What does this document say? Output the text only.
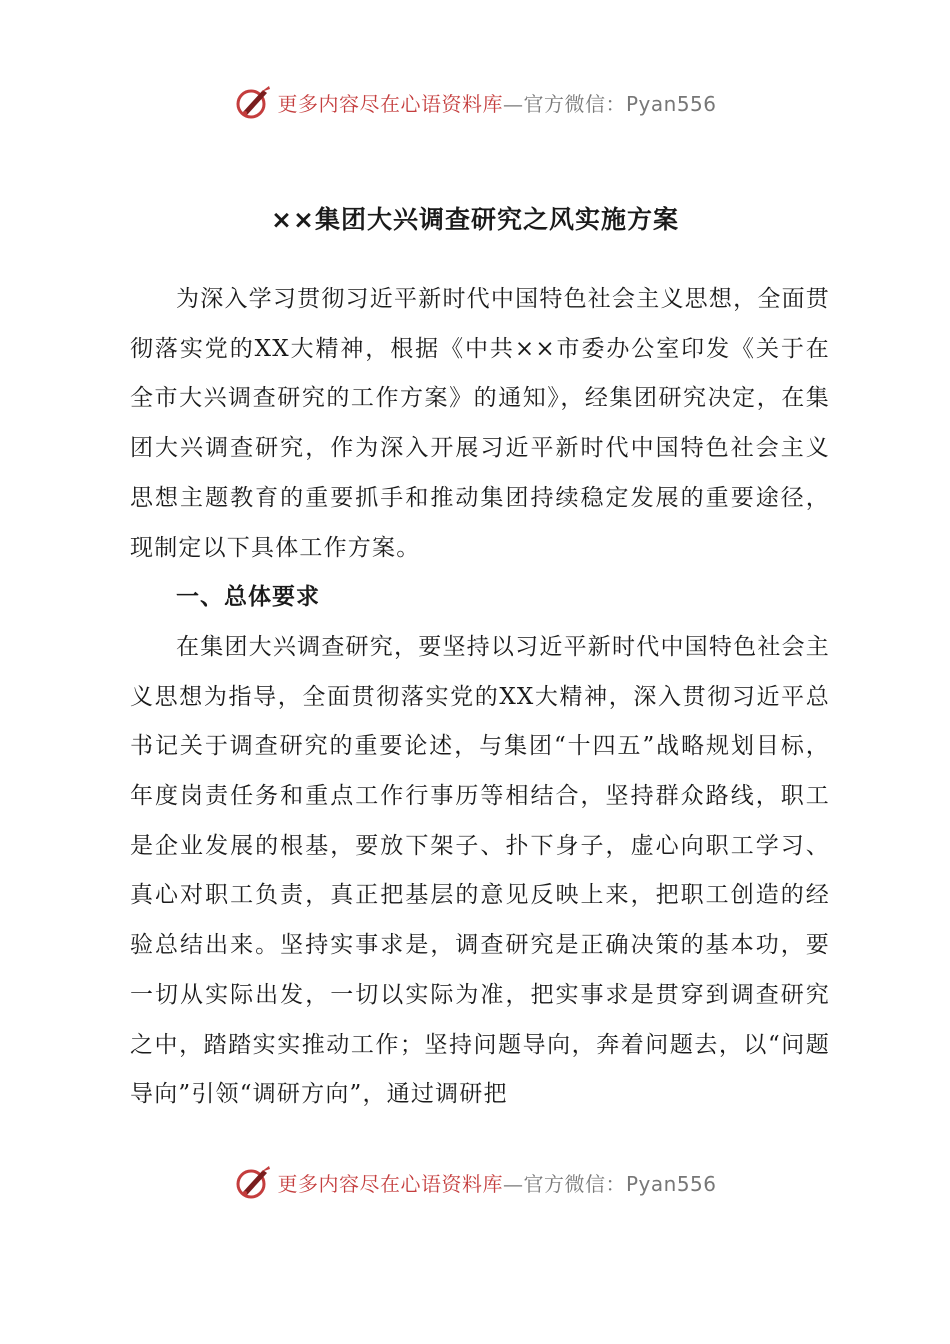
更多内容尽在心语资料库—官方微信：Pyan556
××集团大兴调查研究之风实施方案

为深入学习贯彻习近平新时代中国特色社会主义思想，全面贯彻落实党的XX大精神，根据《中共××市委办公室印发《关于在全市大兴调查研究的工作方案》的通知》，经集团研究决定，在集团大兴调查研究，作为深入开展习近平新时代中国特色社会主义思想主题教育的重要抓手和推动集团持续稳定发展的重要途径，现制定以下具体工作方案。

一、总体要求

在集团大兴调查研究，要坚持以习近平新时代中国特色社会主义思想为指导，全面贯彻落实党的XX大精神，深入贯彻习近平总书记关于调查研究的重要论述，与集团“十四五”战略规划目标，年度岗责任务和重点工作行事历等相结合，坚持群众路线，职工是企业发展的根基，要放下架子、扑下身子，虚心向职工学习、真心对职工负责，真正把基层的意见反映上来，把职工创造的经验总结出来。坚持实事求是，调查研究是正确决策的基本功，要一切从实际出发，一切以实际为准，把实事求是贯穿到调查研究之中，踏踏实实推动工作；坚持问题导向，奔着问题去，以“问题导向”引领“调研方向”，通过调研把

更多内容尽在心语资料库—官方微信：Pyan556
